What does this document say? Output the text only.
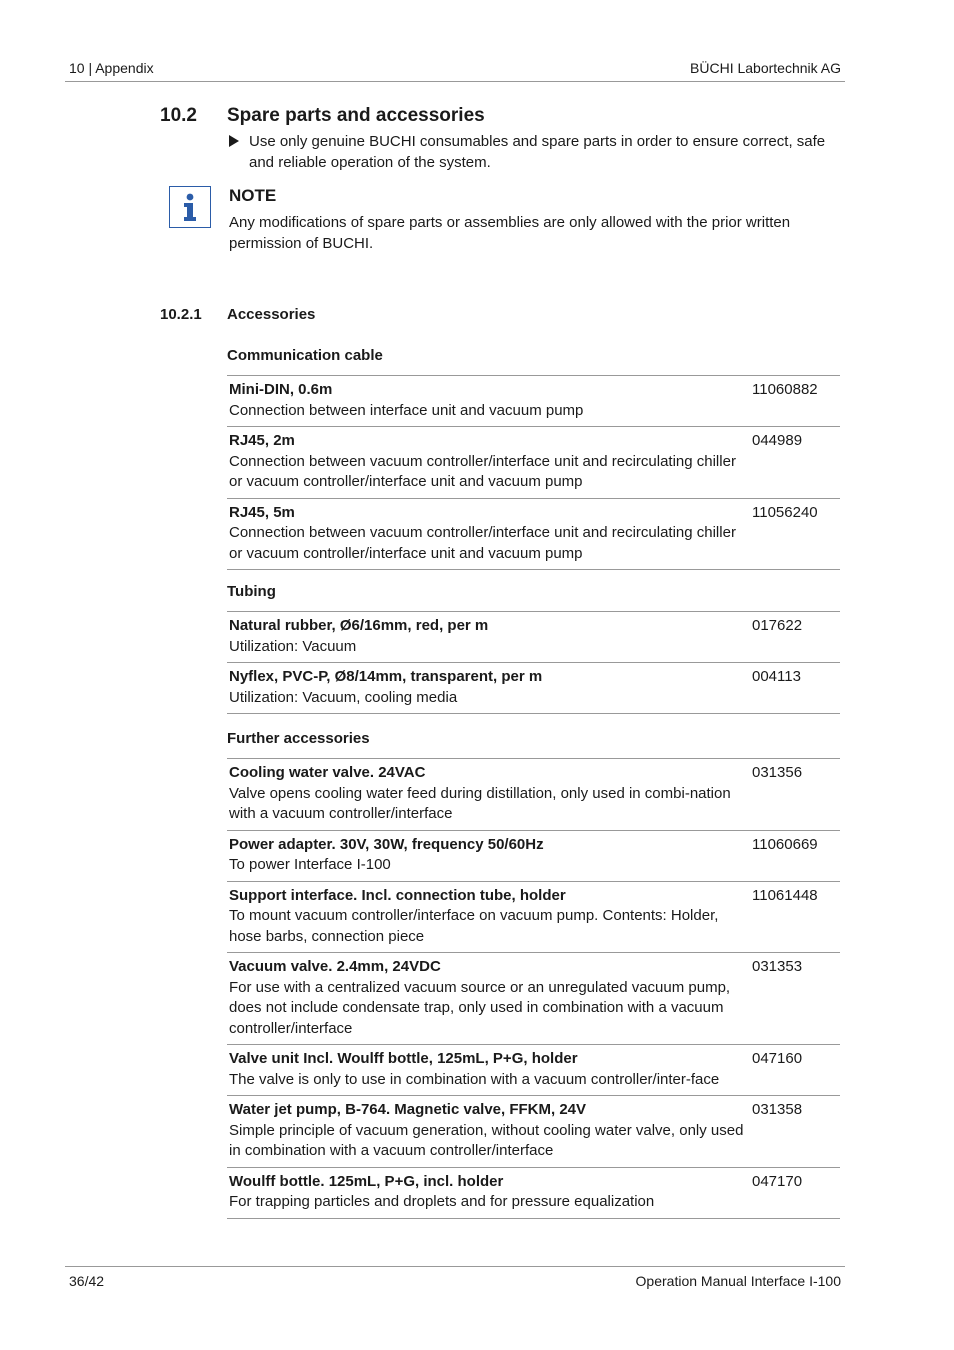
10 | Appendix	BÜCHI Labortechnik AG
10.2 Spare parts and accessories
Use only genuine BUCHI consumables and spare parts in order to ensure correct, safe and reliable operation of the system.
NOTE
Any modifications of spare parts or assemblies are only allowed with the prior written permission of BUCHI.
10.2.1 Accessories
Communication cable
Mini-DIN, 0.6m
Connection between interface unit and vacuum pump
11060882
RJ45, 2m
Connection between vacuum controller/interface unit and recirculating chiller or vacuum controller/interface unit and vacuum pump
044989
RJ45, 5m
Connection between vacuum controller/interface unit and recirculating chiller or vacuum controller/interface unit and vacuum pump
11056240
Tubing
Natural rubber, Ø6/16mm, red, per m
Utilization: Vacuum
017622
Nyflex, PVC-P, Ø8/14mm, transparent, per m
Utilization: Vacuum, cooling media
004113
Further accessories
Cooling water valve. 24VAC
Valve opens cooling water feed during distillation, only used in combi-nation with a vacuum controller/interface
031356
Power adapter. 30V, 30W, frequency 50/60Hz
To power Interface I-100
11060669
Support interface. Incl. connection tube, holder
To mount vacuum controller/interface on vacuum pump. Contents: Holder, hose barbs, connection piece
11061448
Vacuum valve. 2.4mm, 24VDC
For use with a centralized vacuum source or an unregulated vacuum pump, does not include condensate trap, only used in combination with a vacuum controller/interface
031353
Valve unit Incl. Woulff bottle, 125mL, P+G, holder
The valve is only to use in combination with a vacuum controller/inter-face
047160
Water jet pump, B-764. Magnetic valve, FFKM, 24V
Simple principle of vacuum generation, without cooling water valve, only used in combination with a vacuum controller/interface
031358
Woulff bottle. 125mL, P+G, incl. holder
For trapping particles and droplets and for pressure equalization
047170
36/42	Operation Manual Interface I-100
